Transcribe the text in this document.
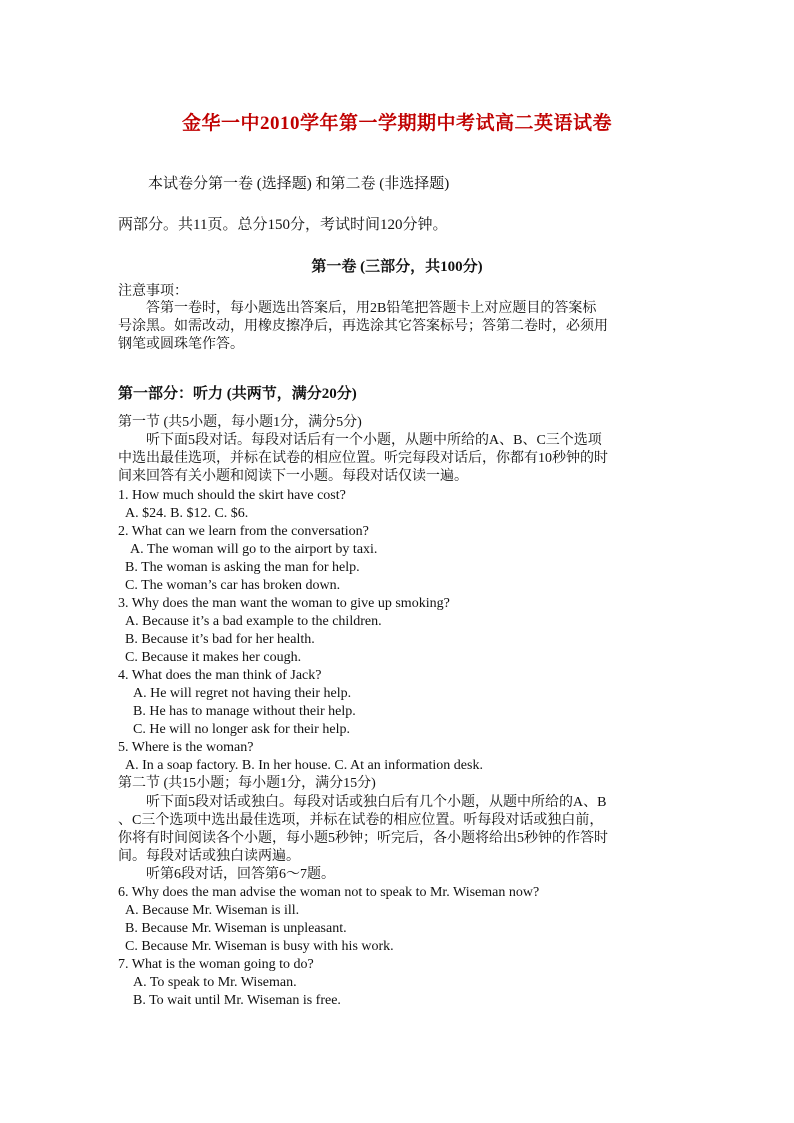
金华一中2010学年第一学期期中考试高二英语试卷
本试卷分第一卷 (选择题) 和第二卷 (非选择题)
两部分。共11页。总分150分，考试时间120分钟。
第一卷 (三部分，共100分)
注意事项：
答第一卷时，每小题选出答案后，用2B铅笔把答题卡上对应题目的答案标
号涂黑。如需改动，用橡皮擦净后，再选涂其它答案标号；答第二卷时，必须用
钢笔或圆珠笔作答。
第一部分：听力 (共两节，满分20分)
第一节 (共5小题，每小题1分，满分5分)
听下面5段对话。每段对话后有一个小题，从题中所给的A、B、C三个选项
中选出最佳选项，并标在试卷的相应位置。听完每段对话后，你都有10秒钟的时
间来回答有关小题和阅读下一小题。每段对话仅读一遍。
1. How much should the skirt have cost?
A. $24. B. $12. C. $6.
2. What can we learn from the conversation?
A. The woman will go to the airport by taxi.
B. The woman is asking the man for help.
C. The woman’s car has broken down.
3. Why does the man want the woman to give up smoking?
A. Because it’s a bad example to the children.
B. Because it’s bad for her health.
C. Because it makes her cough.
4. What does the man think of Jack?
A. He will regret not having their help.
B. He has to manage without their help.
C. He will no longer ask for their help.
5. Where is the woman?
A. In a soap factory. B. In her house. C. At an information desk.
第二节 (共15小题；每小题1分，满分15分)
听下面5段对话或独白。每段对话或独白后有几个小题，从题中所给的A、B
、C三个选项中选出最佳选项，并标在试卷的相应位置。听每段对话或独白前，
你将有时间阅读各个小题，每小题5秒钟；听完后，各小题将给出5秒钟的作答时
间。每段对话或独白读两遍。
听第6段对话，回答第6～7题。
6. Why does the man advise the woman not to speak to Mr. Wiseman now?
A. Because Mr. Wiseman is ill.
B. Because Mr. Wiseman is unpleasant.
C. Because Mr. Wiseman is busy with his work.
7. What is the woman going to do?
A. To speak to Mr. Wiseman.
B. To wait until Mr. Wiseman is free.
